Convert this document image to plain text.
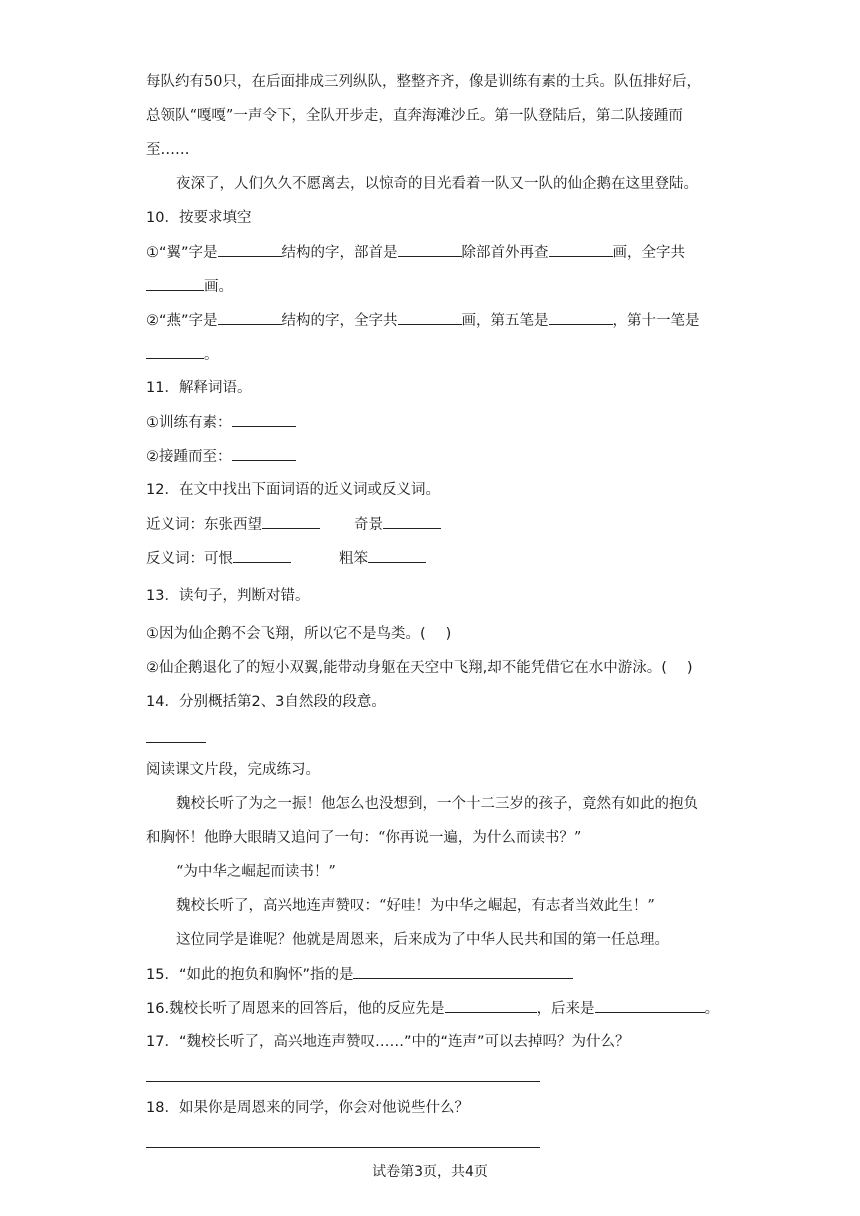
每队约有50只，在后面排成三列纵队，整整齐齐，像是训练有素的士兵。队伍排好后，
总领队“嘎嘎”一声令下，全队开步走，直奔海滩沙丘。第一队登陆后，第二队接踵而
至……
夜深了，人们久久不愿离去，以惊奇的目光看着一队又一队的仙企鹅在这里登陆。
10．按要求填空
①“翼”字是	结构的字，部首是	除部首外再查	画，全字共
画。
②“燕”字是	结构的字，全字共	画，第五笔是	，第十一笔是
。
11．解释词语。
①训练有素：
②接踵而至：
12．在文中找出下面词语的近义词或反义词。
近义词：东张西望	奇景
反义词：可恨	粗笨
13．读句子，判断对错。
①因为仙企鹅不会飞翔，所以它不是鸟类。( )
②仙企鹅退化了的短小双翼,能带动身躯在天空中飞翔,却不能凭借它在水中游泳。( )
14．分别概括第2、3自然段的段意。
阅读课文片段，完成练习。
魏校长听了为之一振！他怎么也没想到，一个十二三岁的孩子，竟然有如此的抱负
和胸怀！他睁大眼睛又追问了一句：“你再说一遍，为什么而读书？”
“为中华之崛起而读书！”
魏校长听了，高兴地连声赞叹：“好哇！为中华之崛起，有志者当效此生！”
这位同学是谁呢？他就是周恩来，后来成为了中华人民共和国的第一任总理。
15．“如此的抱负和胸怀”指的是
16.魏校长听了周恩来的回答后，他的反应先是	，后来是	。
17．“魏校长听了，高兴地连声赞叹……”中的“连声”可以去掉吗？为什么？
18．如果你是周恩来的同学，你会对他说些什么？
试卷第3页，共4页
